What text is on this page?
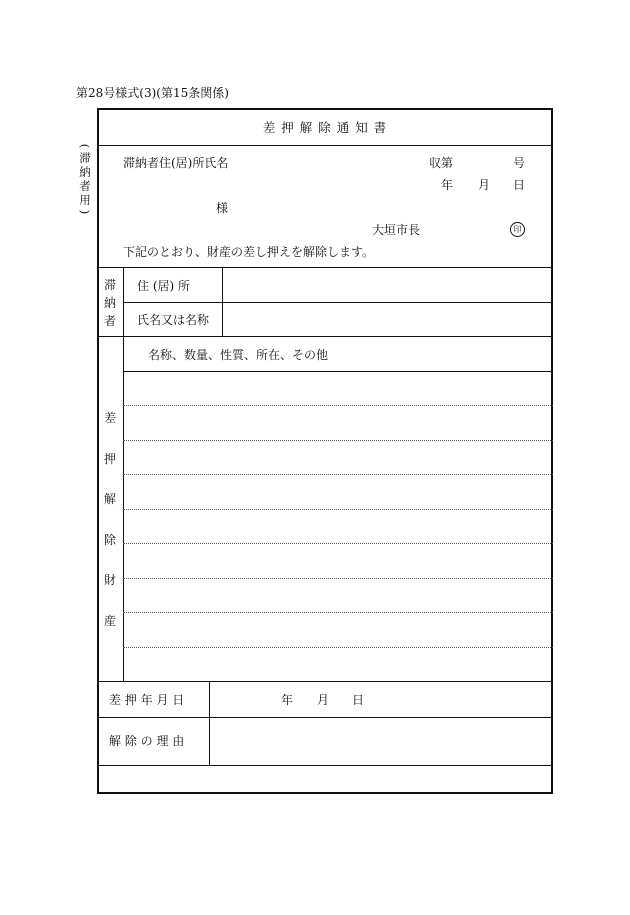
第28号様式(3)(第15条関係)
(
滞
納
者
用
)
差 押 解 除 通 知 書
滞納者住(居)所氏名	収第	号
年 月 日
様
大垣市長	印
下記のとおり、財産の差し押えを解除します。
滞
納
者
住 (居) 所
氏名又は名称
差
押
解
除
財
産
名称、数量、性質、所在、その他
差 押 年 月 日	年 月 日
解 除 の 理 由
